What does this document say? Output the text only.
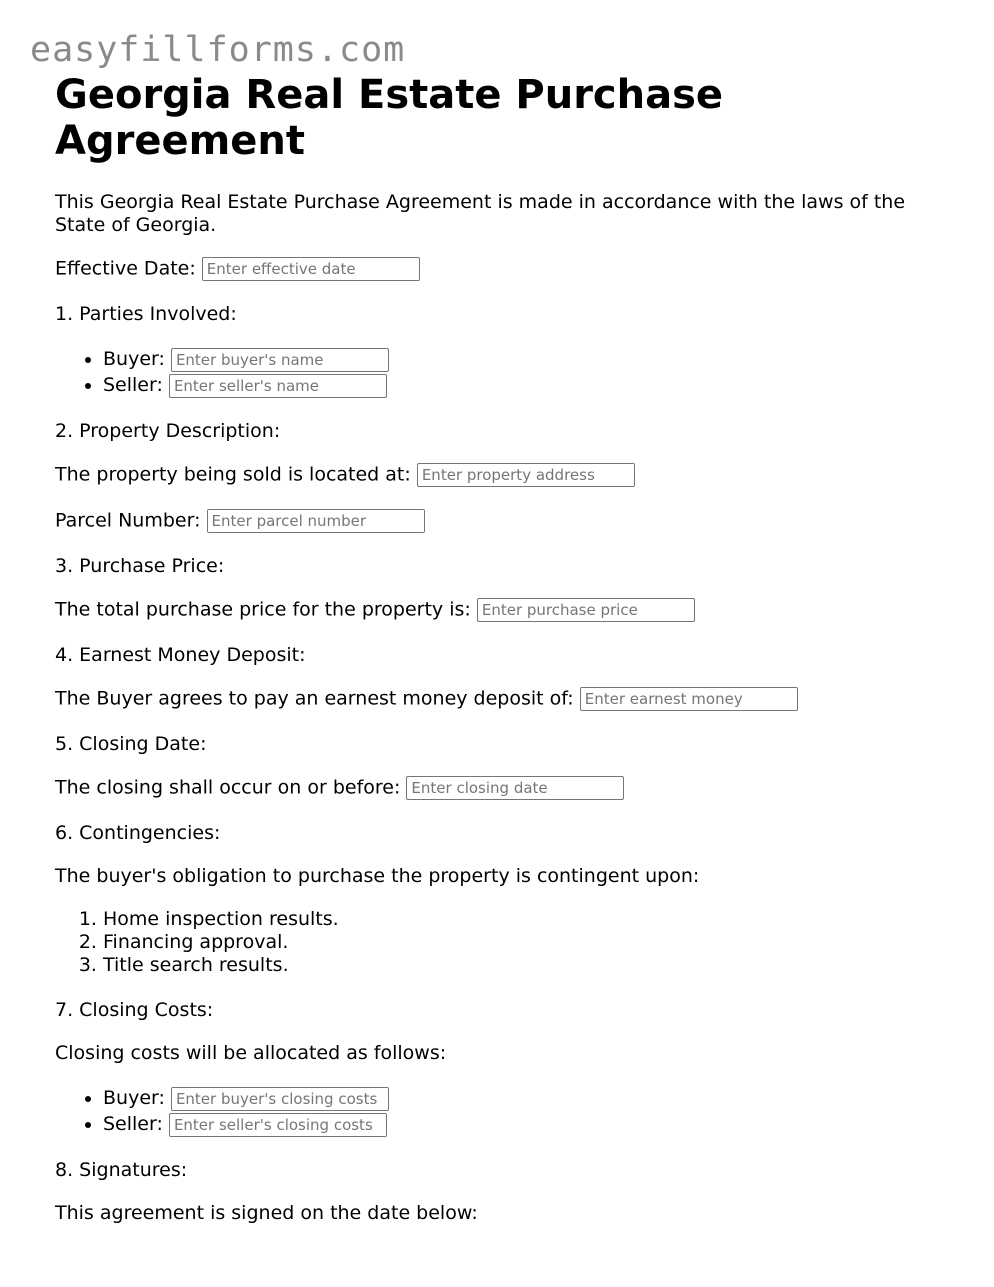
easyfillforms.com
Georgia Real Estate Purchase Agreement

This Georgia Real Estate Purchase Agreement is made in accordance with the laws of the State of Georgia.

Effective Date: Enter effective date

1. Parties Involved:

• Buyer: Enter buyer's name
• Seller: Enter seller's name

2. Property Description:

The property being sold is located at: Enter property address

Parcel Number: Enter parcel number

3. Purchase Price:

The total purchase price for the property is: Enter purchase price

4. Earnest Money Deposit:

The Buyer agrees to pay an earnest money deposit of: Enter earnest money

5. Closing Date:

The closing shall occur on or before: Enter closing date

6. Contingencies:

The buyer's obligation to purchase the property is contingent upon:

1. Home inspection results.
2. Financing approval.
3. Title search results.

7. Closing Costs:

Closing costs will be allocated as follows:

• Buyer: Enter buyer's closing costs
• Seller: Enter seller's closing costs

8. Signatures:

This agreement is signed on the date below:
